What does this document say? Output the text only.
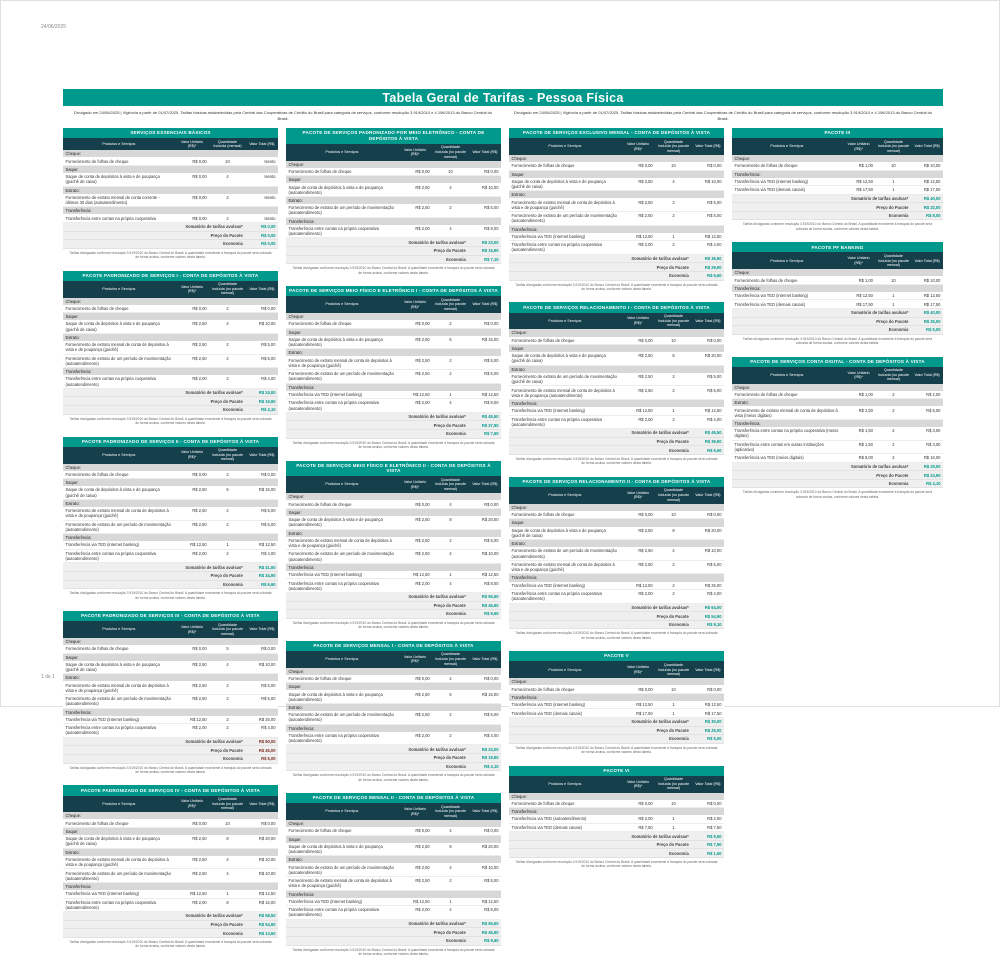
24/06/2025
Tabela Geral de Tarifas - Pessoa Física
Divulgado em 24/06/2025 | Vigência a partir de 01/07/2025. Tarifas básicas estabelecidas pela Central das Cooperativas de Crédito do Brasil para categoria de serviços, conforme resolução 3.919/2010 e 4.196/2013 do Banco Central do Brasil.
Divulgado em 24/06/2025 | Vigência a partir de 01/07/2025. Tarifas básicas estabelecidas pela Central das Cooperativas de Crédito do Brasil para categoria de serviços, conforme resolução 3.919/2010 e 4.196/2013 do Banco Central do Brasil.
SERVIÇOS ESSENCIAIS BÁSICOS
Produtos e Serviços
Valor Unitário (R$)*
Quantidade Incluída (mensal)
Valor Total (R$)
Cheque:
Fornecimento de folhas de cheque	R$ 0,00	10	Isento
Saque:
Saque de conta de depósitos à vista e de poupança (guichê de caixa)
R$ 0,00	4	Isento
Extrato:
Fornecimento de extrato mensal de conta corrente - últimos 30 dias (autoatendimento)
R$ 0,00	2	Isento
Transferência:
Transferência entre contas na própria cooperativa	R$ 0,00	2	Isento
Somatório de tarifas avulsas*	R$ 0,00
Preço do Pacote	R$ 0,00
Economia	R$ 0,00
Tarifas divulgadas conforme resolução 3.919/2010 do Banco Central do Brasil. A quantidade excedente à franquia do pacote será cobrada de forma avulsa, conforme valores desta tabela.
PACOTE PADRONIZADO DE SERVIÇOS I - CONTA DE DEPÓSITOS À VISTA
Produtos e Serviços
Valor Unitário (R$)*
Quantidade Incluída (no pacote mensal)
Valor Total (R$)
Cheque:
Fornecimento de folhas de cheque	R$ 0,00	2	R$ 0,00
Saque:
Saque de conta de depósitos à vista e de poupança (guichê de caixa)
R$ 2,50	4	R$ 10,00
Extrato:
Fornecimento de extrato mensal de conta de depósitos à vista e de poupança (guichê)
R$ 2,50	2	R$ 5,00
Fornecimento de extrato de um período de movimentação (autoatendimento)
R$ 2,50	2	R$ 5,00
Transferência:
Transferência entre contas na própria cooperativa (autoatendimento)
R$ 2,00	2	R$ 4,00
Somatório de tarifas avulsas*	R$ 24,00
Preço do Pacote	R$ 19,90
Economia	R$ 4,10
Tarifas divulgadas conforme resolução 3.919/2010 do Banco Central do Brasil. A quantidade excedente à franquia do pacote será cobrada de forma avulsa, conforme valores desta tabela.
PACOTE PADRONIZADO DE SERVIÇOS II - CONTA DE DEPÓSITOS À VISTA
Produtos e Serviços
Valor Unitário (R$)*
Quantidade Incluída (no pacote mensal)
Valor Total (R$)
Cheque:
Fornecimento de folhas de cheque	R$ 0,00	2	R$ 0,00
Saque:
Saque de conta de depósitos à vista e de poupança (guichê de caixa)
R$ 2,50	6	R$ 15,00
Extrato:
Fornecimento de extrato mensal de conta de depósitos à vista e de poupança (guichê)
R$ 2,50	2	R$ 5,00
Fornecimento de extrato de um período de movimentação (autoatendimento)
R$ 2,50	2	R$ 5,00
Transferência:
Transferência via TED (internet banking)	R$ 12,50	1	R$ 12,50
Transferência entre contas na própria cooperativa (autoatendimento)
R$ 2,00	2	R$ 4,00
Somatório de tarifas avulsas*	R$ 41,50
Preço do Pacote	R$ 34,90
Economia	R$ 6,60
Tarifas divulgadas conforme resolução 3.919/2010 do Banco Central do Brasil. A quantidade excedente à franquia do pacote será cobrada de forma avulsa, conforme valores desta tabela.
PACOTE PADRONIZADO DE SERVIÇOS III - CONTA DE DEPÓSITOS À VISTA
Produtos e Serviços
Valor Unitário (R$)*
Quantidade Incluída (no pacote mensal)
Valor Total (R$)
Cheque:
Fornecimento de folhas de cheque	R$ 0,00	5	R$ 0,00
Saque:
Saque de conta de depósitos à vista e de poupança (guichê de caixa)
R$ 2,50	4	R$ 10,00
Extrato:
Fornecimento de extrato mensal de conta de depósitos à vista e de poupança (guichê)
R$ 2,50	2	R$ 5,00
Fornecimento de extrato de um período de movimentação (autoatendimento)
R$ 2,50	2	R$ 5,00
Transferência:
Transferência via TED (internet banking)	R$ 12,50	2	R$ 25,00
Transferência entre contas na própria cooperativa (autoatendimento)
R$ 2,00	2	R$ 4,00
Somatório de tarifas avulsas*	R$ 50,00
Preço do Pacote	R$ 45,00
Economia	R$ 5,00
Tarifas divulgadas conforme resolução 3.919/2010 do Banco Central do Brasil. A quantidade excedente à franquia do pacote será cobrada de forma avulsa, conforme valores desta tabela.
PACOTE PADRONIZADO DE SERVIÇOS IV - CONTA DE DEPÓSITOS À VISTA
Produtos e Serviços
Valor Unitário (R$)*
Quantidade Incluída (no pacote mensal)
Valor Total (R$)
Cheque:
Fornecimento de folhas de cheque	R$ 0,00	10	R$ 0,00
Saque:
Saque de conta de depósitos à vista e de poupança (guichê de caixa)
R$ 2,50	8	R$ 20,00
Extrato:
Fornecimento de extrato mensal de conta de depósitos à vista e de poupança (guichê)
R$ 2,50	4	R$ 10,00
Fornecimento de extrato de um período de movimentação (autoatendimento)
R$ 2,50	4	R$ 10,00
Transferência:
Transferência via TED (internet banking)	R$ 12,50	1	R$ 12,50
Transferência entre contas na própria cooperativa (autoatendimento)
R$ 2,00	8	R$ 16,00
Somatório de tarifas avulsas*	R$ 68,50
Preço do Pacote	R$ 54,90
Economia	R$ 13,60
Tarifas divulgadas conforme resolução 3.919/2010 do Banco Central do Brasil. A quantidade excedente à franquia do pacote será cobrada de forma avulsa, conforme valores desta tabela.
PACOTE DE SERVIÇOS PADRONIZADO POR MEIO ELETRÔNICO - CONTA DE DEPÓSITOS À VISTA
Produtos e Serviços
Valor Unitário (R$)*
Quantidade Incluída (no pacote mensal)
Valor Total (R$)
Cheque:
Fornecimento de folhas de cheque	R$ 0,00	10	R$ 0,00
Saque:
Saque de conta de depósitos à vista e de poupança (autoatendimento)
R$ 2,50	4	R$ 10,00
Extrato:
Fornecimento de extrato de um período de movimentação (autoatendimento)
R$ 2,50	2	R$ 5,00
Transferência:
Transferência entre contas na própria cooperativa (autoatendimento)
R$ 2,00	4	R$ 8,00
Somatório de tarifas avulsas*	R$ 23,00
Preço do Pacote	R$ 15,90
Economia	R$ 7,10
Tarifas divulgadas conforme resolução 3.919/2010 do Banco Central do Brasil. A quantidade excedente à franquia do pacote será cobrada de forma avulsa, conforme valores desta tabela.
PACOTE DE SERVIÇOS MEIO FÍSICO E ELETRÔNICO I - CONTA DE DEPÓSITOS À VISTA
Produtos e Serviços
Valor Unitário (R$)*
Quantidade Incluída (no pacote mensal)
Valor Total (R$)
Cheque:
Fornecimento de folhas de cheque	R$ 0,00	2	R$ 0,00
Saque:
Saque de conta de depósitos à vista e de poupança (autoatendimento)
R$ 2,50	6	R$ 15,00
Extrato:
Fornecimento de extrato mensal de conta de depósitos à vista e de poupança (guichê)
R$ 2,50	2	R$ 5,00
Fornecimento de extrato de um período de movimentação (autoatendimento)
R$ 2,50	2	R$ 5,00
Transferência:
Transferência via TED (internet banking)	R$ 12,50	1	R$ 12,50
Transferência entre contas na própria cooperativa (autoatendimento)
R$ 2,00	4	R$ 8,00
Somatório de tarifas avulsas*	R$ 45,50
Preço do Pacote	R$ 37,90
Economia	R$ 7,60
Tarifas divulgadas conforme resolução 3.919/2010 do Banco Central do Brasil. A quantidade excedente à franquia do pacote será cobrada de forma avulsa, conforme valores desta tabela.
PACOTE DE SERVIÇOS MEIO FÍSICO E ELETRÔNICO II - CONTA DE DEPÓSITOS À VISTA
Produtos e Serviços
Valor Unitário (R$)*
Quantidade Incluída (no pacote mensal)
Valor Total (R$)
Cheque:
Fornecimento de folhas de cheque	R$ 0,00	4	R$ 0,00
Saque:
Saque de conta de depósitos à vista e de poupança (autoatendimento)
R$ 2,50	8	R$ 20,00
Extrato:
Fornecimento de extrato mensal de conta de depósitos à vista e de poupança (guichê)
R$ 2,50	2	R$ 5,00
Fornecimento de extrato de um período de movimentação (autoatendimento)
R$ 2,50	4	R$ 10,00
Transferência:
Transferência via TED (internet banking)	R$ 12,50	1	R$ 12,50
Transferência entre contas na própria cooperativa (autoatendimento)
R$ 2,00	4	R$ 8,00
Somatório de tarifas avulsas*	R$ 55,50
Preço do Pacote	R$ 45,90
Economia	R$ 9,60
Tarifas divulgadas conforme resolução 3.919/2010 do Banco Central do Brasil. A quantidade excedente à franquia do pacote será cobrada de forma avulsa, conforme valores desta tabela.
PACOTE DE SERVIÇOS MENSAL I - CONTA DE DEPÓSITOS À VISTA
Produtos e Serviços
Valor Unitário (R$)*
Quantidade Incluída (no pacote mensal)
Valor Total (R$)
Cheque:
Fornecimento de folhas de cheque	R$ 0,00	2	R$ 0,00
Saque:
Saque de conta de depósitos à vista e de poupança (autoatendimento)
R$ 2,50	6	R$ 15,00
Extrato:
Fornecimento de extrato de um período de movimentação (autoatendimento)
R$ 2,50	2	R$ 5,00
Transferência:
Transferência entre contas na própria cooperativa (autoatendimento)
R$ 2,00	2	R$ 4,00
Somatório de tarifas avulsas*	R$ 24,00
Preço do Pacote	R$ 19,90
Economia	R$ 4,10
Tarifas divulgadas conforme resolução 3.919/2010 do Banco Central do Brasil. A quantidade excedente à franquia do pacote será cobrada de forma avulsa, conforme valores desta tabela.
PACOTE DE SERVIÇOS MENSAL II - CONTA DE DEPÓSITOS À VISTA
Produtos e Serviços
Valor Unitário (R$)*
Quantidade Incluída (no pacote mensal)
Valor Total (R$)
Cheque:
Fornecimento de folhas de cheque	R$ 0,00	4	R$ 0,00
Saque:
Saque de conta de depósitos à vista e de poupança (autoatendimento)
R$ 2,50	8	R$ 20,00
Extrato:
Fornecimento de extrato de um período de movimentação (autoatendimento)
R$ 2,50	4	R$ 10,00
Fornecimento de extrato mensal de conta de depósitos à vista e de poupança (guichê)
R$ 2,50	2	R$ 5,00
Transferência:
Transferência via TED (internet banking)	R$ 12,50	1	R$ 12,50
Transferência entre contas na própria cooperativa (autoatendimento)
R$ 2,00	4	R$ 8,00
Somatório de tarifas avulsas*	R$ 55,50
Preço do Pacote	R$ 45,90
Economia	R$ 9,60
Tarifas divulgadas conforme resolução 3.919/2010 do Banco Central do Brasil. A quantidade excedente à franquia do pacote será cobrada de forma avulsa, conforme valores desta tabela.
PACOTE DE SERVIÇOS EXCLUSIVO MENSAL - CONTA DE DEPÓSITOS À VISTA
Produtos e Serviços
Valor Unitário (R$)*
Quantidade Incluída (no pacote mensal)
Valor Total (R$)
Cheque:
Fornecimento de folhas de cheque	R$ 0,00	10	R$ 0,00
Saque:
Saque de conta de depósitos à vista e de poupança (guichê de caixa)
R$ 2,50	4	R$ 10,00
Extrato:
Fornecimento de extrato mensal de conta de depósitos à vista e de poupança (guichê)
R$ 2,50	2	R$ 5,00
Fornecimento de extrato de um período de movimentação (autoatendimento)
R$ 2,50	2	R$ 5,00
Transferência:
Transferência via TED (internet banking)	R$ 12,50	1	R$ 12,50
Transferência entre contas na própria cooperativa (autoatendimento)
R$ 2,00	2	R$ 4,00
Somatório de tarifas avulsas*	R$ 36,50
Preço do Pacote	R$ 29,90
Economia	R$ 6,60
Tarifas divulgadas conforme resolução 3.919/2010 do Banco Central do Brasil. A quantidade excedente à franquia do pacote será cobrada de forma avulsa, conforme valores desta tabela.
PACOTE DE SERVIÇOS RELACIONAMENTO I - CONTA DE DEPÓSITOS À VISTA
Produtos e Serviços
Valor Unitário (R$)*
Quantidade Incluída (no pacote mensal)
Valor Total (R$)
Cheque:
Fornecimento de folhas de cheque	R$ 0,00	10	R$ 0,00
Saque:
Saque de conta de depósitos à vista e de poupança (guichê de caixa)
R$ 2,50	8	R$ 20,00
Extrato:
Fornecimento de extrato de um período de movimentação (guichê de caixa)
R$ 2,50	2	R$ 5,00
Fornecimento de extrato mensal de conta de depósitos à vista e de poupança (autoatendimento)
R$ 2,50	2	R$ 5,00
Transferência:
Transferência via TED (internet banking)	R$ 12,50	1	R$ 12,50
Transferência entre contas na própria cooperativa (autoatendimento)
R$ 2,00	2	R$ 4,00
Somatório de tarifas avulsas*	R$ 46,50
Preço do Pacote	R$ 39,90
Economia	R$ 6,60
Tarifas divulgadas conforme resolução 3.919/2010 do Banco Central do Brasil. A quantidade excedente à franquia do pacote será cobrada de forma avulsa, conforme valores desta tabela.
PACOTE DE SERVIÇOS RELACIONAMENTO II - CONTA DE DEPÓSITOS À VISTA
Produtos e Serviços
Valor Unitário (R$)*
Quantidade Incluída (no pacote mensal)
Valor Total (R$)
Cheque:
Fornecimento de folhas de cheque	R$ 0,00	10	R$ 0,00
Saque:
Saque de conta de depósitos à vista e de poupança (guichê de caixa)
R$ 2,50	8	R$ 20,00
Extrato:
Fornecimento de extrato de um período de movimentação (autoatendimento)
R$ 2,50	4	R$ 10,00
Fornecimento de extrato mensal de conta de depósitos à vista e de poupança (guichê)
R$ 2,50	2	R$ 5,00
Transferência:
Transferência via TED (internet banking)	R$ 12,50	2	R$ 25,00
Transferência entre contas na própria cooperativa (autoatendimento)
R$ 2,00	2	R$ 4,00
Somatório de tarifas avulsas*	R$ 64,00
Preço do Pacote	R$ 54,90
Economia	R$ 9,10
Tarifas divulgadas conforme resolução 3.919/2010 do Banco Central do Brasil. A quantidade excedente à franquia do pacote será cobrada de forma avulsa, conforme valores desta tabela.
PACOTE V
Produtos e Serviços
Valor Unitário (R$)*
Quantidade Incluída (no pacote mensal)
Valor Total (R$)
Cheque:
Fornecimento de folhas de cheque	R$ 0,00	10	R$ 0,00
Transferência:
Transferência via TED (internet banking)	R$ 12,50	1	R$ 12,50
Transferência via TED (demais canais)	R$ 17,50	1	R$ 17,50
Somatório de tarifas avulsas*	R$ 30,00
Preço do Pacote	R$ 25,00
Economia	R$ 5,00
Tarifas divulgadas conforme resolução 3.919/2010 do Banco Central do Brasil. A quantidade excedente à franquia do pacote será cobrada de forma avulsa, conforme valores desta tabela.
PACOTE VI
Produtos e Serviços
Valor Unitário (R$)*
Quantidade Incluída (no pacote mensal)
Valor Total (R$)
Cheque:
Fornecimento de folhas de cheque	R$ 0,00	10	R$ 0,00
Transferência:
Transferência via TED (autoatendimento)	R$ 2,00	1	R$ 2,00
Transferência via TED (demais canais)	R$ 7,50	1	R$ 7,50
Somatório de tarifas avulsas*	R$ 9,50
Preço do Pacote	R$ 7,90
Economia	R$ 1,60
Tarifas divulgadas conforme resolução 3.919/2010 do Banco Central do Brasil. A quantidade excedente à franquia do pacote será cobrada de forma avulsa, conforme valores desta tabela.
PACOTE III
Produtos e Serviços
Valor Unitário (R$)*
Quantidade Incluída (no pacote mensal)
Valor Total (R$)
Cheque:
Fornecimento de folhas de cheque	R$ 1,00	10	R$ 10,00
Transferência:
Transferência via TED (internet banking)	R$ 12,50	1	R$ 12,50
Transferência via TED (demais canais)	R$ 17,50	1	R$ 17,50
Somatório de tarifas avulsas*	R$ 40,00
Preço do Pacote	R$ 32,00
Economia	R$ 8,00
Tarifas divulgadas conforme resolução 3.919/2010 do Banco Central do Brasil. A quantidade excedente à franquia do pacote será cobrada de forma avulsa, conforme valores desta tabela.
PACOTE PF BANKING
Produtos e Serviços
Valor Unitário (R$)*
Quantidade Incluída (no pacote mensal)
Valor Total (R$)
Cheque:
Fornecimento de folhas de cheque	R$ 1,00	10	R$ 10,00
Transferência:
Transferência via TED (internet banking)	R$ 12,50	1	R$ 12,50
Transferência via TED (demais canais)	R$ 17,50	1	R$ 17,50
Somatório de tarifas avulsas*	R$ 40,00
Preço do Pacote	R$ 35,00
Economia	R$ 5,00
Tarifas divulgadas conforme resolução 3.919/2010 do Banco Central do Brasil. A quantidade excedente à franquia do pacote será cobrada de forma avulsa, conforme valores desta tabela.
PACOTE DE SERVIÇOS CONTA DIGITAL - CONTA DE DEPÓSITOS À VISTA
Produtos e Serviços
Valor Unitário (R$)*
Quantidade Incluída (no pacote mensal)
Valor Total (R$)
Cheque:
Fornecimento de folhas de cheque	R$ 1,00	2	R$ 2,00
Extrato:
Fornecimento de extrato mensal de conta de depósitos à vista (meios digitais)
R$ 2,50	2	R$ 5,00
Transferência:
Transferência entre contas na própria cooperativa (meios digitais)
R$ 1,50	2	R$ 3,00
Transferência entre contas em outras instituições (aplicativo)
R$ 1,50	2	R$ 3,00
Transferência via TED (meios digitais)	R$ 8,00	2	R$ 16,00
Somatório de tarifas avulsas*	R$ 29,00
Preço do Pacote	R$ 24,90
Economia	R$ 4,10
Tarifas divulgadas conforme resolução 3.919/2010 do Banco Central do Brasil. A quantidade excedente à franquia do pacote será cobrada de forma avulsa, conforme valores desta tabela.
1 de 1
